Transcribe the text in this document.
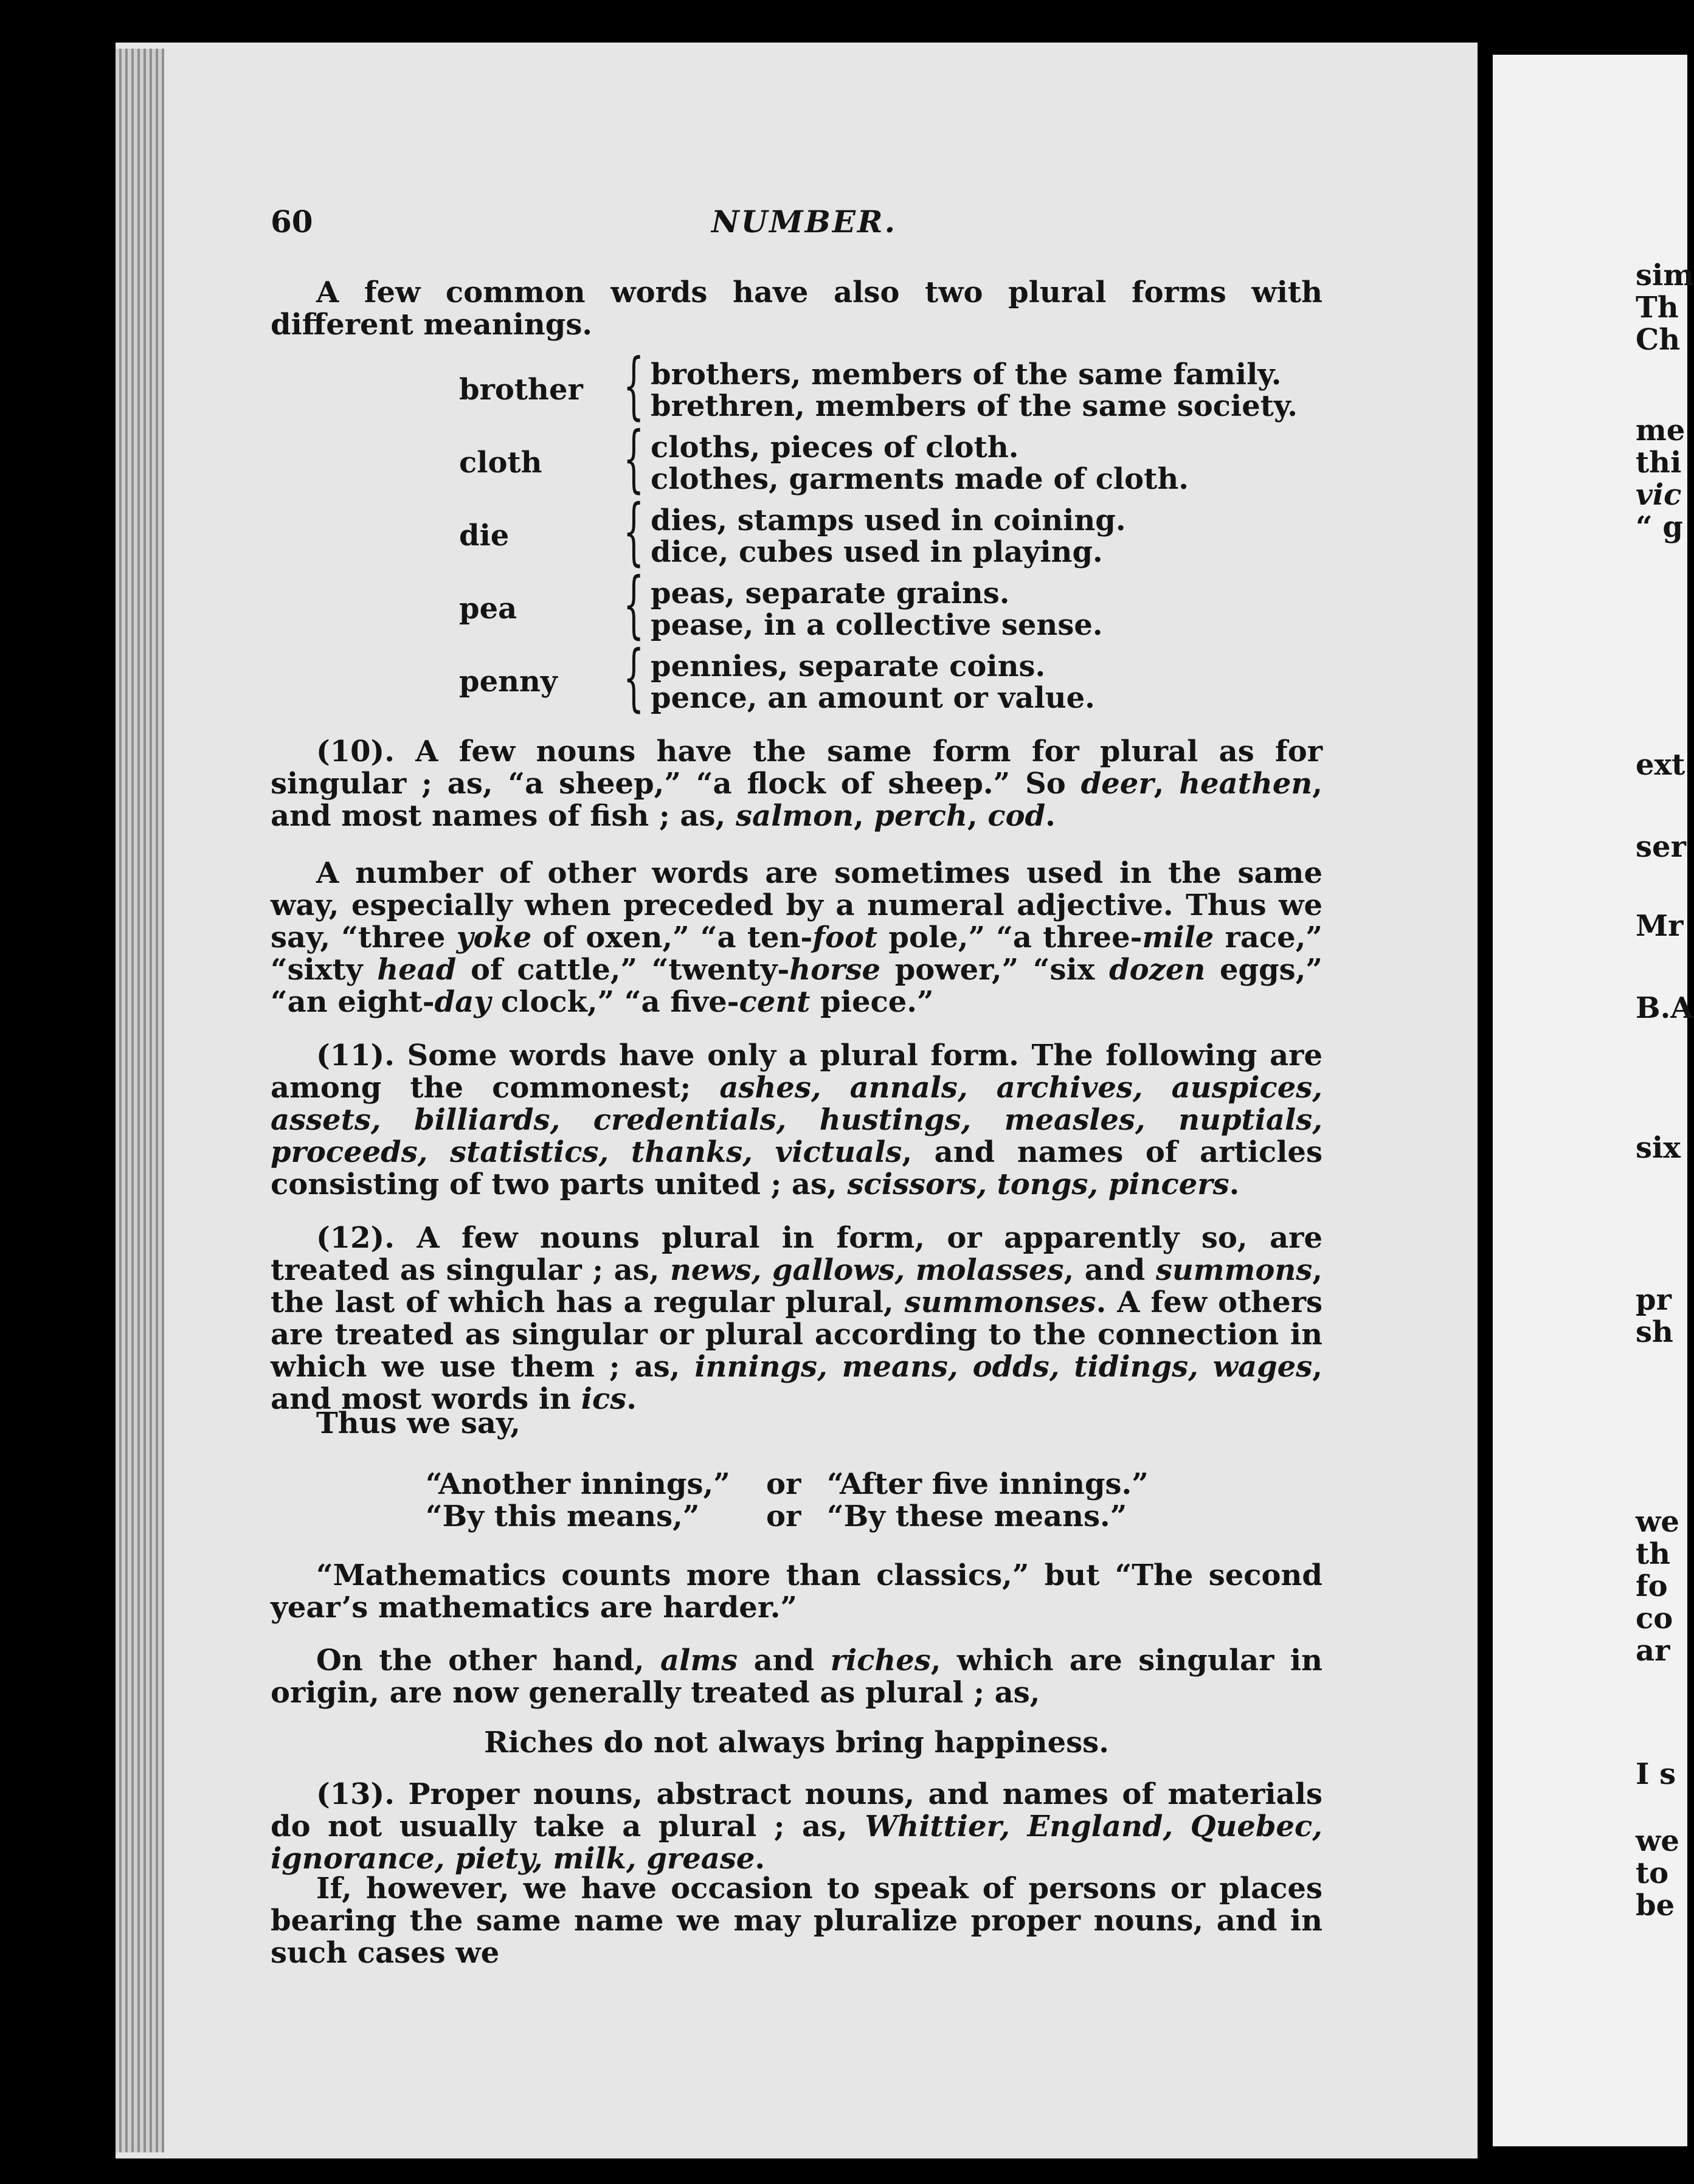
60	NUMBER.
A few common words have also two plural forms with different meanings.
brother { brothers, members of the same family.
brethren, members of the same society.
cloth { cloths, pieces of cloth.
clothes, garments made of cloth.
die { dies, stamps used in coining.
dice, cubes used in playing.
pea { peas, separate grains.
pease, in a collective sense.
penny { pennies, separate coins.
pence, an amount or value.
(10). A few nouns have the same form for plural as for singular ; as, “a sheep,” “a flock of sheep.” So deer, heathen, and most names of fish ; as, salmon, perch, cod.
A number of other words are sometimes used in the same way, especially when preceded by a numeral adjective. Thus we say, “three yoke of oxen,” “a ten-foot pole,” “a three-mile race,” “sixty head of cattle,” “twenty-horse power,” “six dozen eggs,” “an eight-day clock,” “a five-cent piece.”
(11). Some words have only a plural form. The following are among the commonest; ashes, annals, archives, auspices, assets, billiards, credentials, hustings, measles, nuptials, proceeds, statistics, thanks, victuals, and names of articles consisting of two parts united ; as, scissors, tongs, pincers.
(12). A few nouns plural in form, or apparently so, are treated as singular ; as, news, gallows, molasses, and summons, the last of which has a regular plural, summonses. A few others are treated as singular or plural according to the connection in which we use them ; as, innings, means, odds, tidings, wages, and most words in ics.
Thus we say,
“Another innings,” or “After five innings.”
“By this means,” or “By these means.”
“Mathematics counts more than classics,” but “The second year’s mathematics are harder.”
On the other hand, alms and riches, which are singular in origin, are now generally treated as plural ; as,
Riches do not always bring happiness.
(13). Proper nouns, abstract nouns, and names of materials do not usually take a plural ; as, Whittier, England, Quebec, ignorance, piety, milk, grease.
If, however, we have occasion to speak of persons or places bearing the same name we may pluralize proper nouns, and in such cases we
sim
Th
Ch
me
thi
vic
“ g
ext
ser
Mr
B.A
six
pr
sh
we
th
fo
co
ar
I s
we
to
be
